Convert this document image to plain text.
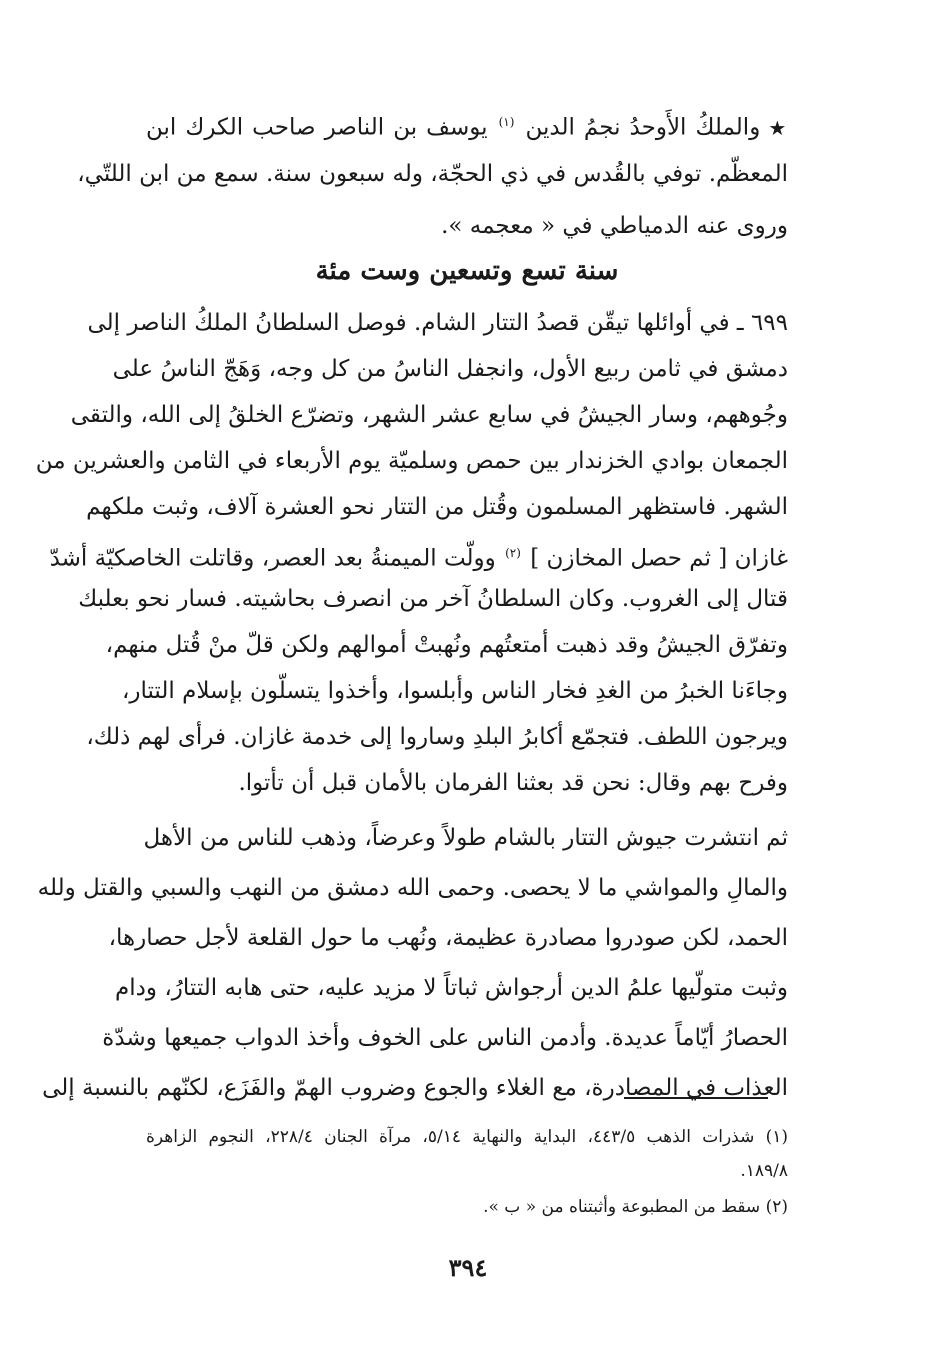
★والملكُ الأَوحدُ نجمُ الدين $^{(١)}$ يوسف بن الناصر صاحب الكرك ابن
المعظّم. توفي بالقُدس في ذي الحجّة، وله سبعون سنة. سمع من ابن اللتّي،
وروى عنه الدمياطي في « معجمه ».
سنة تسع وتسعين وست مئة
٦٩٩ ـ في أوائلها تيقّن قصدُ التتار الشام. فوصل السلطانُ الملكُ الناصر إلى
دمشق في ثامن ربيع الأول، وانجفل الناسُ من كل وجه، وَهَجّ الناسُ على
وجُوههم، وسار الجيشُ في سابع عشر الشهر، وتضرّع الخلقُ إلى الله، والتقى
الجمعان بوادي الخزندار بين حمص وسلميّة يوم الأربعاء في الثامن والعشرين من
الشهر. فاستظهر المسلمون وقُتل من التتار نحو العشرة آلاف، وثبت ملكهم
غازان [ ثم حصل المخازن ] $^{(٢)}$ وولّت الميمنةُ بعد العصر، وقاتلت الخاصكيّة أشدّ
قتال إلى الغروب. وكان السلطانُ آخر من انصرف بحاشيته. فسار نحو بعلبك
وتفرّق الجيشُ وقد ذهبت أمتعتُهم ونُهبتْ أموالهم ولكن قلّ منْ قُتل منهم،
وجاءَنا الخبرُ من الغدِ فخار الناس وأبلسوا، وأخذوا يتسلّون بإسلام التتار،
ويرجون اللطف. فتجمّع أكابرُ البلدِ وساروا إلى خدمة غازان. فرأى لهم ذلك،
وفرح بهم وقال: نحن قد بعثنا الفرمان بالأمان قبل أن تأتوا.
(١) شذرات الذهب ٤٤٣/٥، البداية والنهاية ٥/١٤، مرآة الجنان ٢٢٨/٤، النجوم الزاهرة
١٨٩/٨.
(٢) سقط من المطبوعة وأثبتناه من « ب ».
٣٩٤
ثم انتشرت جيوش التتار بالشام طولاً وعرضاً، وذهب للناس من الأهل
والمالِ والمواشي ما لا يحصى. وحمى الله دمشق من النهب والسبي والقتل ولله
الحمد، لكن صودروا مصادرة عظيمة، ونُهب ما حول القلعة لأجل حصارها،
وثبت متولّيها علمُ الدين أرجواش ثباتاً لا مزيد عليه، حتى هابه التتارُ، ودام
الحصارُ أيّاماً عديدة. وأدمن الناس على الخوف وأخذ الدواب جميعها وشدّة
العذاب في المصادرة، مع الغلاء والجوع وضروب الهمّ والفَزَع، لكنّهم بالنسبة إلى
